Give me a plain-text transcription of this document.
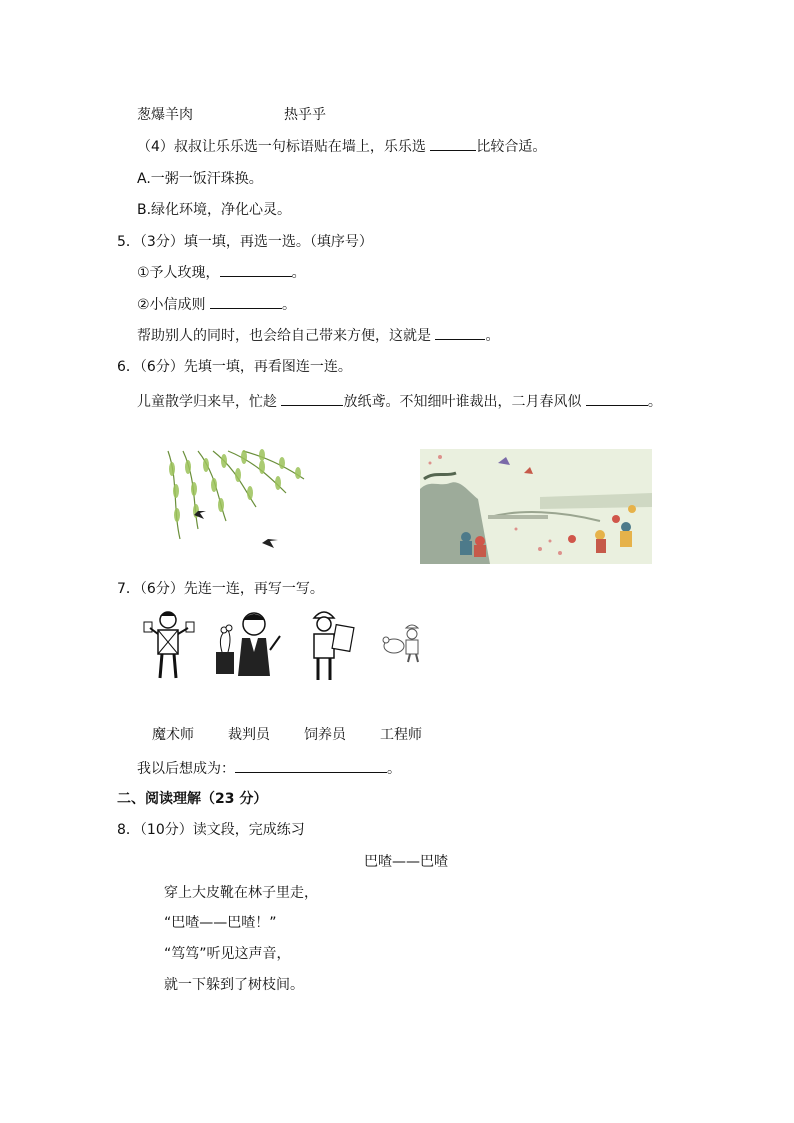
葱爆羊肉	热乎乎
（4）叔叔让乐乐选一句标语贴在墙上，乐乐选	比较合适。
A.一粥一饭汗珠换。
B.绿化环境，净化心灵。
5．（3分）填一填，再选一选。（填序号）
①予人玫瑰，	。
②小信成则	。
帮助别人的同时，也会给自己带来方便，这就是	。
6．（6分）先填一填，再看图连一连。
儿童散学归来早，忙趁	放纸鸢。不知细叶谁裁出，二月春风似	。
7．（6分）先连一连，再写一写。
魔术师 裁判员 饲养员 工程师
我以后想成为：	。
二、阅读理解（23 分）
8．（10分）读文段，完成练习
巴喳——巴喳
穿上大皮靴在林子里走，
“巴喳——巴喳！”
“笃笃”听见这声音，
就一下躲到了树枝间。
